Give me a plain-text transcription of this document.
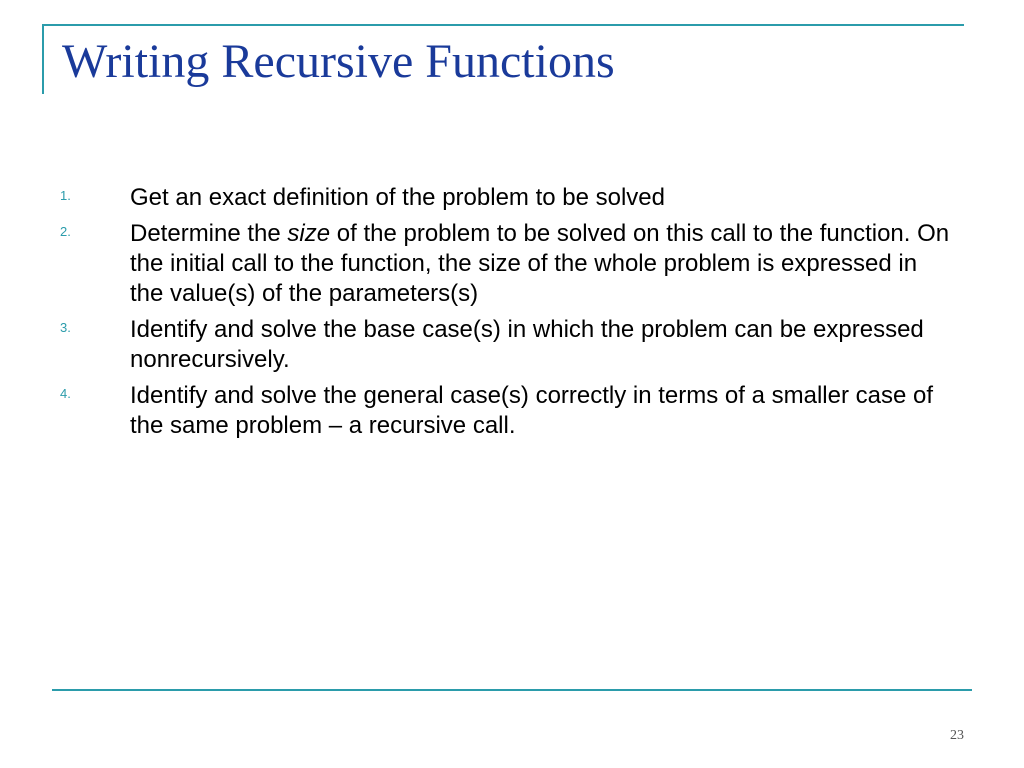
Writing Recursive Functions
1. Get an exact definition of the problem to be solved
2. Determine the size of the problem to be solved on this call to the function. On the initial call to the function, the size of the whole problem is expressed in the value(s) of the parameters(s)
3. Identify and solve the base case(s) in which the problem can be expressed nonrecursively.
4. Identify and solve the general case(s) correctly in terms of a smaller case of the same problem – a recursive call.
23
